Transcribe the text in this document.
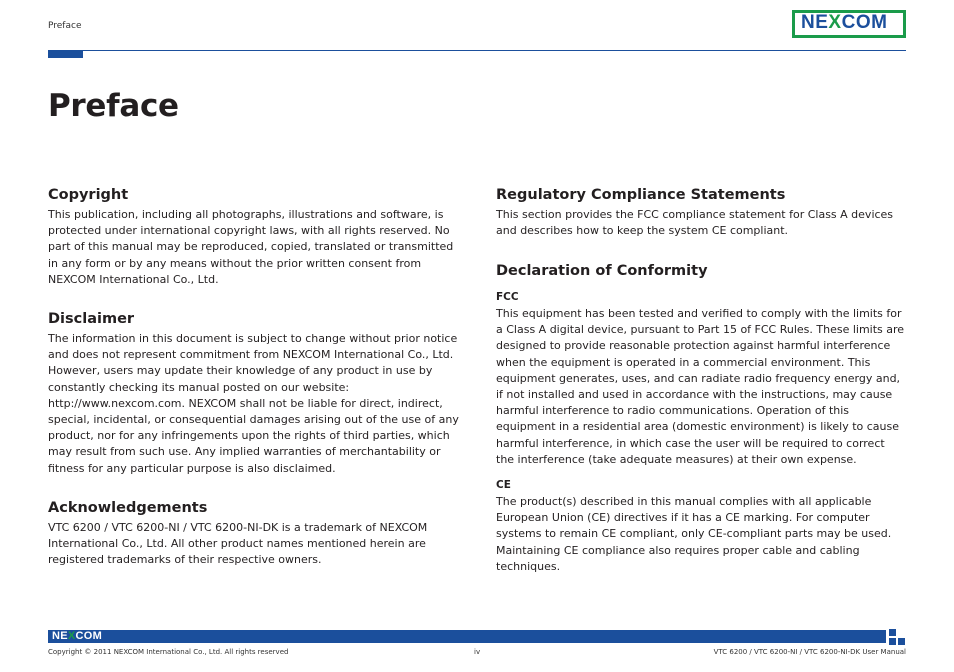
Preface	NEXCOM
Preface
Copyright

This publication, including all photographs, illustrations and software, is protected under international copyright laws, with all rights reserved. No part of this manual may be reproduced, copied, translated or transmitted in any form or by any means without the prior written consent from NEXCOM International Co., Ltd.

Disclaimer

The information in this document is subject to change without prior notice and does not represent commitment from NEXCOM International Co., Ltd. However, users may update their knowledge of any product in use by constantly checking its manual posted on our website: http://www.nexcom.com. NEXCOM shall not be liable for direct, indirect, special, incidental, or consequential damages arising out of the use of any product, nor for any infringements upon the rights of third parties, which may result from such use. Any implied warranties of merchantability or fitness for any particular purpose is also disclaimed.

Acknowledgements

VTC 6200 / VTC 6200-NI / VTC 6200-NI-DK is a trademark of NEXCOM International Co., Ltd. All other product names mentioned herein are registered trademarks of their respective owners.

Regulatory Compliance Statements

This section provides the FCC compliance statement for Class A devices and describes how to keep the system CE compliant.

Declaration of Conformity
FCC

This equipment has been tested and verified to comply with the limits for a Class A digital device, pursuant to Part 15 of FCC Rules. These limits are designed to provide reasonable protection against harmful interference when the equipment is operated in a commercial environment. This equipment generates, uses, and can radiate radio frequency energy and, if not installed and used in accordance with the instructions, may cause harmful interference to radio communications. Operation of this equipment in a residential area (domestic environment) is likely to cause harmful interference, in which case the user will be required to correct the interference (take adequate measures) at their own expense.

CE

The product(s) described in this manual complies with all applicable European Union (CE) directives if it has a CE marking. For computer systems to remain CE compliant, only CE-compliant parts may be used. Maintaining CE compliance also requires proper cable and cabling techniques.

NEXCOM
Copyright © 2011 NEXCOM International Co., Ltd. All rights reserved	iv	VTC 6200 / VTC 6200-NI / VTC 6200-NI-DK User Manual
